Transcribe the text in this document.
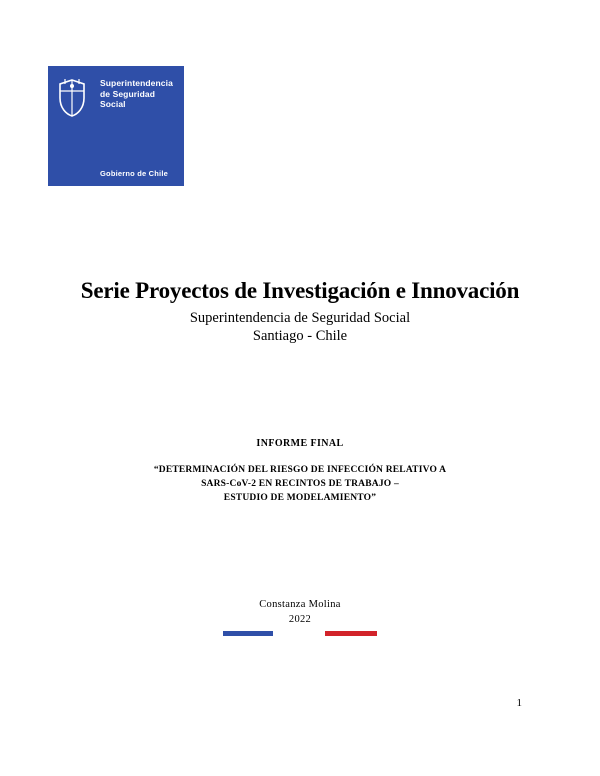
Superintendencia
de Seguridad
Social
Gobierno de Chile
Serie Proyectos de Investigación e Innovación
Superintendencia de Seguridad Social
Santiago - Chile
INFORME FINAL
“DETERMINACIÓN DEL RIESGO DE INFECCIÓN RELATIVO A
SARS-CoV-2 EN RECINTOS DE TRABAJO –
ESTUDIO DE MODELAMIENTO”
Constanza Molina
2022
1
